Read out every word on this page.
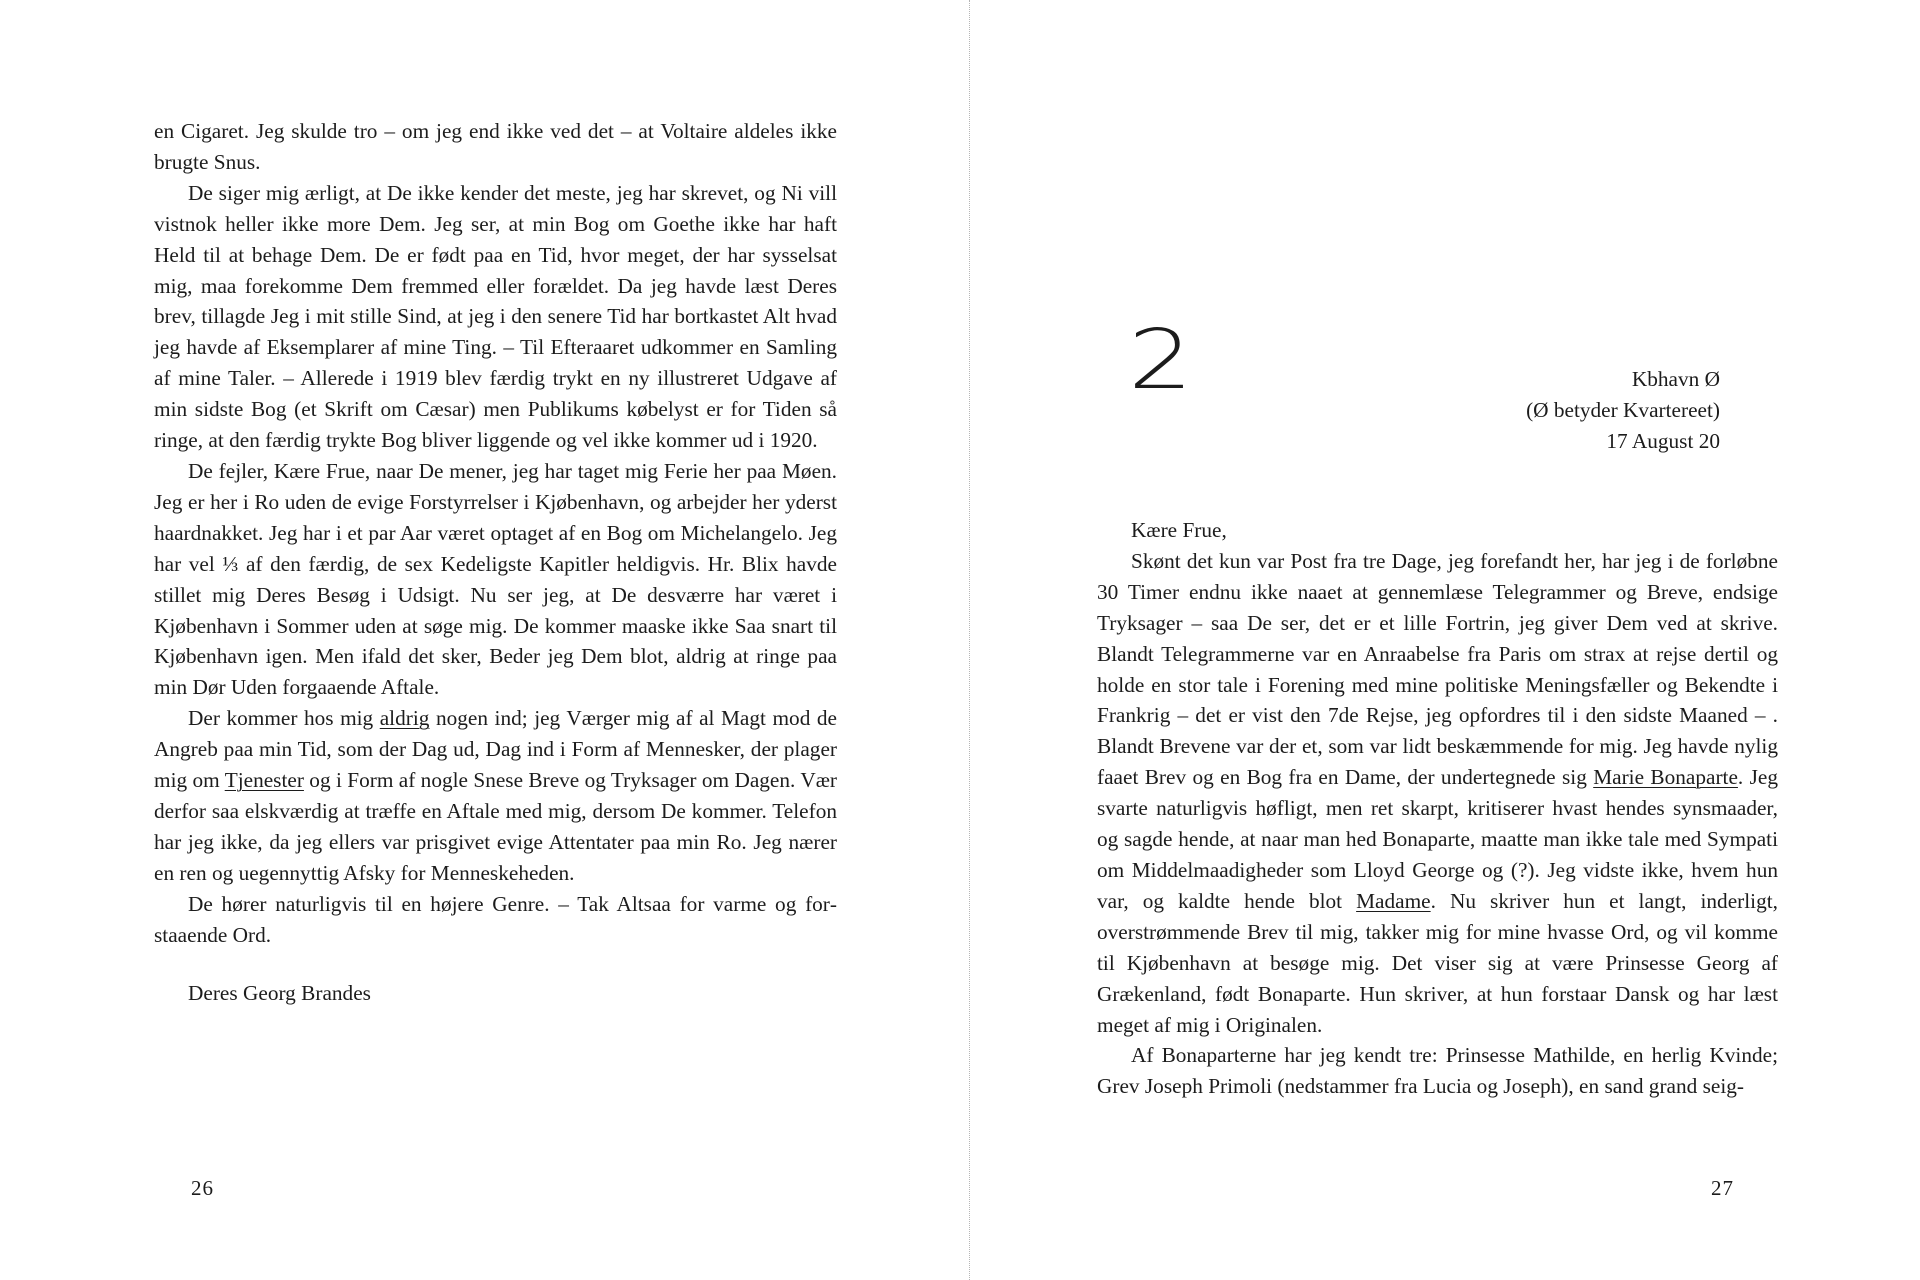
en Cigaret. Jeg skulde tro – om jeg end ikke ved det – at Voltaire aldeles ikke brugte Snus.

De siger mig ærligt, at De ikke kender det meste, jeg har skrevet, og Ni vill vistnok heller ikke more Dem. Jeg ser, at min Bog om Goethe ikke har haft Held til at behage Dem. De er født paa en Tid, hvor meget, der har sysselsat mig, maa forekomme Dem fremmed eller forældet. Da jeg havde læst Deres brev, tillagde Jeg i mit stille Sind, at jeg i den senere Tid har bortkastet Alt hvad jeg havde af Eksemplarer af mine Ting. – Til Efteraaret udkommer en Samling af mine Taler. – Allerede i 1919 blev færdig trykt en ny illustreret Udgave af min sidste Bog (et Skrift om Cæsar) men Publikums købelyst er for Tiden så ringe, at den færdig trykte Bog bliver liggende og vel ikke kommer ud i 1920.

De fejler, Kære Frue, naar De mener, jeg har taget mig Ferie her paa Møen. Jeg er her i Ro uden de evige Forstyrrelser i Kjøbenhavn, og arbejder her yderst haardnakket. Jeg har i et par Aar været optaget af en Bog om Michelangelo. Jeg har vel ⅓ af den færdig, de sex Kedeligste Kapitler heldigvis. Hr. Blix havde stillet mig Deres Besøg i Udsigt. Nu ser jeg, at De desværre har været i Kjøbenhavn i Sommer uden at søge mig. De kommer maaske ikke Saa snart til Kjøbenhavn igen. Men ifald det sker, Beder jeg Dem blot, aldrig at ringe paa min Dør Uden forgaaende Aftale.

Der kommer hos mig aldrig nogen ind; jeg Værger mig af al Magt mod de Angreb paa min Tid, som der Dag ud, Dag ind i Form af Mennesker, der plager mig om Tjenester og i Form af nogle Snese Breve og Tryksager om Dagen. Vær derfor saa elskværdig at træffe en Aftale med mig, dersom De kommer. Telefon har jeg ikke, da jeg ellers var prisgivet evige Attentater paa min Ro. Jeg nærer en ren og uegennyttig Afsky for Menneskeheden.

De hører naturligvis til en højere Genre. – Tak Altsaa for varme og forstaaende Ord.

Deres Georg Brandes

26
2	Kbhavn Ø
(Ø betyder Kvartereet)
17 August 20

Kære Frue,

Skønt det kun var Post fra tre Dage, jeg forefandt her, har jeg i de forløbne 30 Timer endnu ikke naaet at gennemlæse Telegrammer og Breve, endsige Tryksager – saa De ser, det er et lille Fortrin, jeg giver Dem ved at skrive. Blandt Telegrammerne var en Anraabelse fra Paris om strax at rejse dertil og holde en stor tale i Forening med mine politiske Meningsfæller og Bekendte i Frankrig – det er vist den 7de Rejse, jeg opfordres til i den sidste Maaned – . Blandt Brevene var der et, som var lidt beskæmmende for mig. Jeg havde nylig faaet Brev og en Bog fra en Dame, der undertegnede sig Marie Bonaparte. Jeg svarte naturligvis høfligt, men ret skarpt, kritiserer hvast hendes synsmaader, og sagde hende, at naar man hed Bonaparte, maatte man ikke tale med Sympati om Middelmaadigheder som Lloyd George og (?). Jeg vidste ikke, hvem hun var, og kaldte hende blot Madame. Nu skriver hun et langt, inderligt, overstrømmende Brev til mig, takker mig for mine hvasse Ord, og vil komme til Kjøbenhavn at besøge mig. Det viser sig at være Prinsesse Georg af Grækenland, født Bonaparte. Hun skriver, at hun forstaar Dansk og har læst meget af mig i Originalen.

Af Bonaparterne har jeg kendt tre: Prinsesse Mathilde, en herlig Kvinde; Grev Joseph Primoli (nedstammer fra Lucia og Joseph), en sand grand seig-

27
